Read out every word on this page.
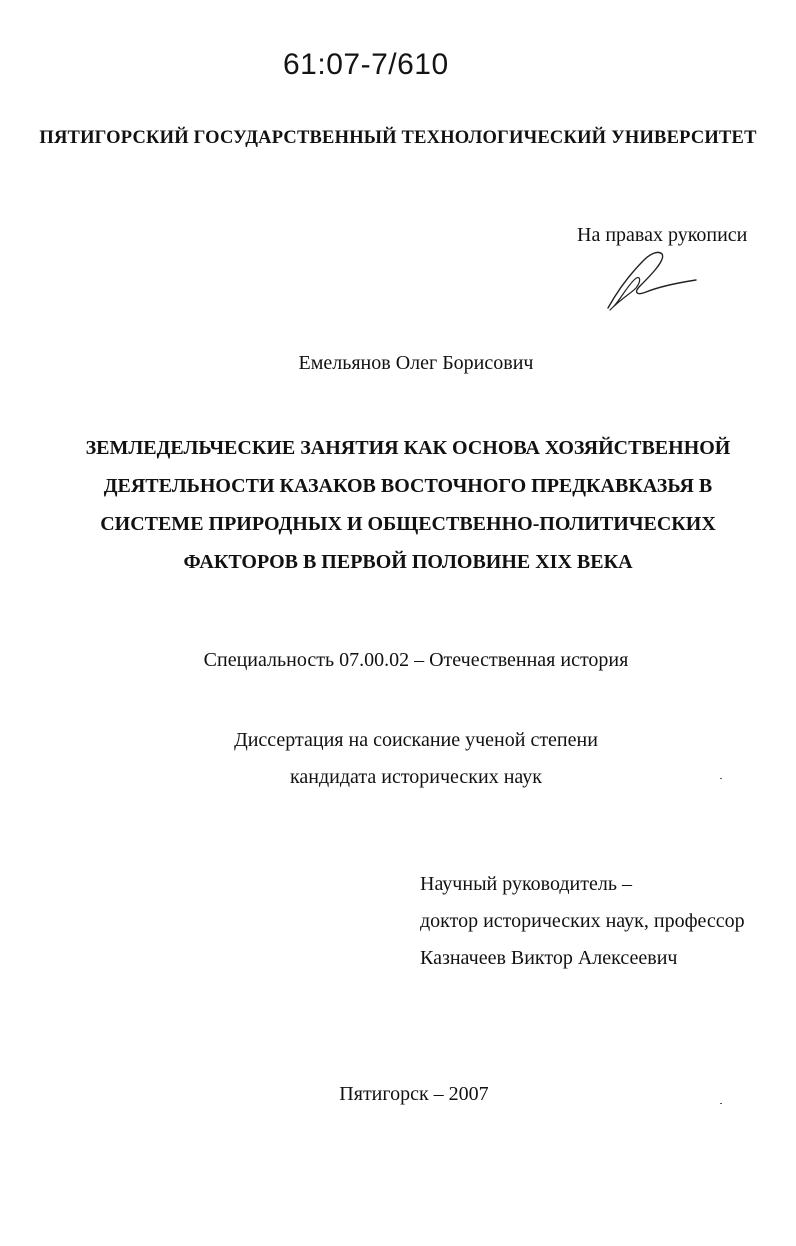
61:07-7/610
ПЯТИГОРСКИЙ ГОСУДАРСТВЕННЫЙ ТЕХНОЛОГИЧЕСКИЙ УНИВЕРСИТЕТ
На правах рукописи
Емельянов Олег Борисович
ЗЕМЛЕДЕЛЬЧЕСКИЕ ЗАНЯТИЯ КАК ОСНОВА ХОЗЯЙСТВЕННОЙ
ДЕЯТЕЛЬНОСТИ КАЗАКОВ ВОСТОЧНОГО ПРЕДКАВКАЗЬЯ В
СИСТЕМЕ ПРИРОДНЫХ И ОБЩЕСТВЕННО-ПОЛИТИЧЕСКИХ
ФАКТОРОВ В ПЕРВОЙ ПОЛОВИНЕ XIX ВЕКА
Специальность 07.00.02 – Отечественная история
Диссертация на соискание ученой степени
кандидата исторических наук
Научный руководитель –
доктор исторических наук, профессор
Казначеев Виктор Алексеевич
Пятигорск – 2007
